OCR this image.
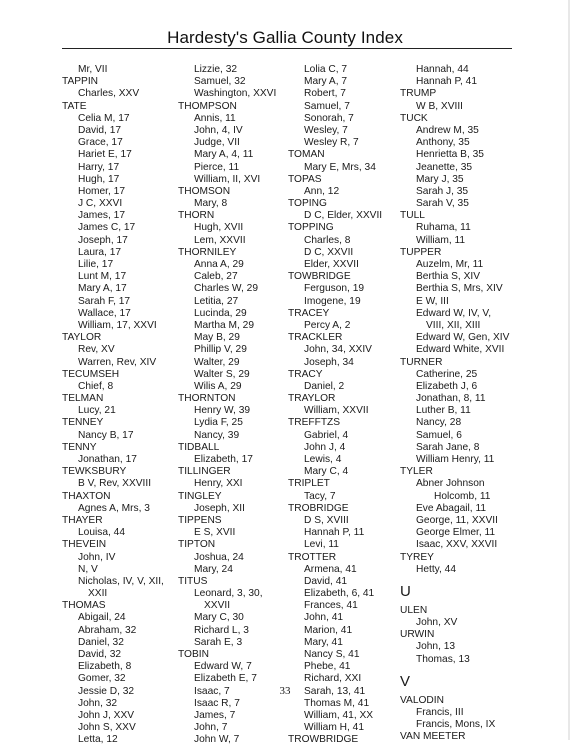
Hardesty's Gallia County Index
Mr, VII
TAPPIN
Charles, XXV
TATE
Celia M, 17
David, 17
Grace, 17
Hariet E, 17
Harry, 17
Hugh, 17
Homer, 17
J C, XXVI
James, 17
James C, 17
Joseph, 17
Laura, 17
Lilie, 17
Lunt M, 17
Mary A, 17
Sarah F, 17
Wallace, 17
William, 17, XXVI
TAYLOR
Rev, XV
Warren, Rev, XIV
TECUMSEH
Chief, 8
TELMAN
Lucy, 21
TENNEY
Nancy B, 17
TENNY
Jonathan, 17
TEWKSBURY
B V, Rev, XXVIII
THAXTON
Agnes A, Mrs, 3
THAYER
Louisa, 44
THEVEIN
John, IV
N, V
Nicholas, IV, V, XII,
XXII
THOMAS
Abigail, 24
Abraham, 32
Daniel, 32
David, 32
Elizabeth, 8
Gomer, 32
Jessie D, 32
John, 32
John J, XXV
John S, XXV
Letta, 12
Lizzie, 32
Samuel, 32
Washington, XXVI
THOMPSON
Annis, 11
John, 4, IV
Judge, VII
Mary A, 4, 11
Pierce, 11
William, II, XVI
THOMSON
Mary, 8
THORN
Hugh, XVII
Lem, XXVII
THORNILEY
Anna A, 29
Caleb, 27
Charles W, 29
Letitia, 27
Lucinda, 29
Martha M, 29
May B, 29
Phillip V, 29
Walter, 29
Walter S, 29
Wilis A, 29
THORNTON
Henry W, 39
Lydia F, 25
Nancy, 39
TIDBALL
Elizabeth, 17
TILLINGER
Henry, XXI
TINGLEY
Joseph, XII
TIPPENS
E S, XVII
TIPTON
Joshua, 24
Mary, 24
TITUS
Leonard, 3, 30,
XXVII
Mary C, 30
Richard L, 3
Sarah E, 3
TOBIN
Edward W, 7
Elizabeth E, 7
Isaac, 7
Isaac R, 7
James, 7
John, 7
John W, 7
Lolia C, 7
Mary A, 7
Robert, 7
Samuel, 7
Sonorah, 7
Wesley, 7
Wesley R, 7
TOMAN
Mary E, Mrs, 34
TOPAS
Ann, 12
TOPING
D C, Elder, XXVII
TOPPING
Charles, 8
D C, XXVII
Elder, XXVII
TOWBRIDGE
Ferguson, 19
Imogene, 19
TRACEY
Percy A, 2
TRACKLER
John, 34, XXIV
Joseph, 34
TRACY
Daniel, 2
TRAYLOR
William, XXVII
TREFFTZS
Gabriel, 4
John J, 4
Lewis, 4
Mary C, 4
TRIPLET
Tacy, 7
TROBRIDGE
D S, XVIII
Hannah P, 11
Levi, 11
TROTTER
Armena, 41
David, 41
Elizabeth, 6, 41
Frances, 41
John, 41
Marion, 41
Mary, 41
Nancy S, 41
Phebe, 41
Richard, XXI
Sarah, 13, 41
Thomas M, 41
William, 41, XX
William H, 41
TROWBRIDGE
Hannah, 44
Hannah P, 41
TRUMP
W B, XVIII
TUCK
Andrew M, 35
Anthony, 35
Henrietta B, 35
Jeanette, 35
Mary J, 35
Sarah J, 35
Sarah V, 35
TULL
Ruhama, 11
William, 11
TUPPER
Auzelm, Mr, 11
Berthia S, XIV
Berthia S, Mrs, XIV
E W, III
Edward W, IV, V,
VIII, XII, XIII
Edward W, Gen, XIV
Edward White, XVII
TURNER
Catherine, 25
Elizabeth J, 6
Jonathan, 8, 11
Luther B, 11
Nancy, 28
Samuel, 6
Sarah Jane, 8
William Henry, 11
TYLER
Abner Johnson
Holcomb, 11
Eve Abagail, 11
George, 11, XXVII
George Elmer, 11
Isaac, XXV, XXVII
TYREY
Hetty, 44
U
ULEN
John, XV
URWIN
John, 13
Thomas, 13
V
VALODIN
Francis, III
Francis, Mons, IX
VAN MEETER
33
